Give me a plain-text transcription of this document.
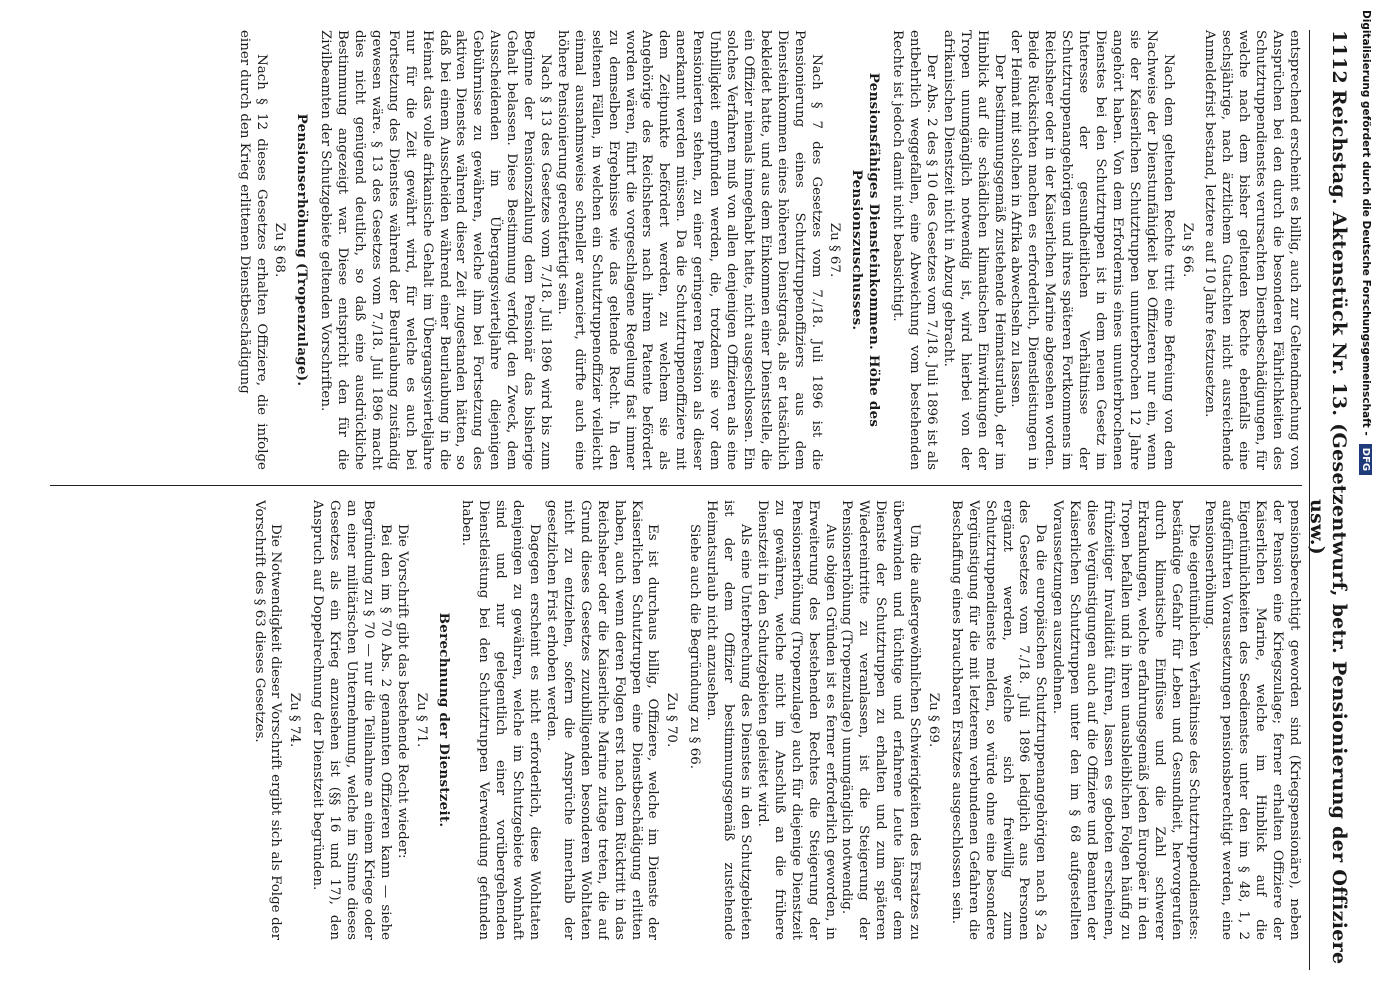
1112
Reichstag. Aktenstück Nr. 13. (Gesetzentwurf, betr. Pensionierung der Offiziere usw.)

entsprechend erscheint es billig, auch zur Geltendmachung von Ansprüchen bei den durch die besonderen Fährlichkeiten des Schutztruppendienstes verursachten Dienstbeschädigungen, für welche nach dem bisher geltenden Rechte ebenfalls eine sechsjährige, nach ärztlichem Gutachten nicht ausreichende Anmeldefrist bestand, letztere auf 10 Jahre festzusetzen.

Zu § 66.

Nach dem geltenden Rechte tritt eine Befreiung von dem Nachweise der Dienstunfähigkeit bei Offizieren nur ein, wenn sie der Kaiserlichen Schutztruppen ununterbrochen 12 Jahre angehört haben. Von dem Erfordernis eines ununterbrochenen Dienstes bei den Schutztruppen ist in dem neuen Gesetz im Interesse der gesundheitlichen Verhältnisse der Schutztruppenangehörigen und ihres späteren Fortkommens im Reichsheer oder in der Kaiserlichen Marine abgesehen worden. Beide Rücksichten machen es erforderlich, Dienstleistungen in der Heimat mit solchen in Afrika abwechseln zu lassen.

Der bestimmungsgemäß zustehende Heimatsurlaub, der im Hinblick auf die schädlichen klimatischen Einwirkungen der Tropen unumgänglich notwendig ist, wird hierbei von der afrikanischen Dienstzeit nicht in Abzug gebracht.

Der Abs. 2 des § 10 des Gesetzes vom 7./18. Juli 1896 ist als entbehrlich weggefallen, eine Abweichung vom bestehenden Rechte ist jedoch damit nicht beabsichtigt.

Pensionsfähiges Diensteinkommen. Höhe des Pensionszuschusses.

Zu § 67.

Nach § 7 des Gesetzes vom 7./18. Juli 1896 ist die Pensionierung eines Schutztruppenoffiziers aus dem Diensteinkommen eines höheren Dienstgrads, als er tatsächlich bekleidet hatte, und aus dem Einkommen einer Dienststelle, die ein Offizier niemals innegehabt hatte, nicht ausgeschlossen. Ein solches Verfahren muß von allen denjenigen Offizieren als eine Unbilligkeit empfunden werden, die, trotzdem sie vor dem Pensionierten stehen, zu einer geringeren Pension als dieser anerkannt werden müssen. Da die Schutztruppenoffiziere mit dem Zeitpunkte befördert werden, zu welchem sie als Angehörige des Reichsheers nach ihrem Patente befördert worden wären, führt die vorgeschlagene Regelung fast immer zu demselben Ergebnisse wie das geltende Recht. In den seltenen Fällen, in welchen ein Schutztruppenoffizier vielleicht einmal ausnahmsweise schneller avanciert, dürfte auch eine höhere Pensionierung gerechtfertigt sein.

Nach § 13 des Gesetzes vom 7./18. Juli 1896 wird bis zum Beginne der Pensionszahlung dem Pensionär das bisherige Gehalt belassen. Diese Bestimmung verfolgt den Zweck, dem Ausscheidenden im Übergangsvierteljahre diejenigen Gebührnisse zu gewähren, welche ihm bei Fortsetzung des aktiven Dienstes während dieser Zeit zugestanden hätten, so daß bei einem Ausscheiden während einer Beurlaubung in die Heimat das volle afrikanische Gehalt im Übergangsvierteljahre nur für die Zeit gewährt wird, für welche es auch bei Fortsetzung des Dienstes während der Beurlaubung zuständig gewesen wäre. § 13 des Gesetzes vom 7./18. Juli 1896 macht dies nicht genügend deutlich, so daß eine ausdrückliche Bestimmung angezeigt war. Diese entspricht den für die Zivilbeamten der Schutzgebiete geltenden Vorschriften.

Pensionserhöhung (Tropenzulage).

Zu § 68.

Nach § 12 dieses Gesetzes erhalten Offiziere, die infolge einer durch den Krieg erlittenen Dienstbeschädigung

pensionsberechtigt geworden sind (Kriegspensionäre), neben der Pension eine Kriegszulage; ferner erhalten Offiziere der Kaiserlichen Marine, welche im Hinblick auf die Eigentümlichkeiten des Seedienstes unter den im § 48, 1, 2 aufgeführten Voraussetzungen pensionsberechtigt werden, eine Pensionserhöhung.

Die eigentümlichen Verhältnisse des Schutztruppendienstes: beständige Gefahr für Leben und Gesundheit, hervorgerufen durch klimatische Einflüsse und die Zahl schwerer Erkrankungen, welche erfahrungsgemäß jeden Europäer in den Tropen befallen und in ihren unausbleiblichen Folgen häufig zu frühzeitiger Invalidität führen, lassen es geboten erscheinen, diese Vergünstigungen auch auf die Offiziere und Beamten der Kaiserlichen Schutztruppen unter den im § 68 aufgestellten Voraussetzungen auszudehnen.

Da die europäischen Schutztruppenangehörigen nach § 2a des Gesetzes vom 7./18. Juli 1896 lediglich aus Personen ergänzt werden, welche sich freiwillig zum Schutztruppendienste melden, so würde ohne eine besondere Vergünstigung für die mit letzterem verbundenen Gefahren die Beschaffung eines brauchbaren Ersatzes ausgeschlossen sein.

Zu § 69.

Um die außergewöhnlichen Schwierigkeiten des Ersatzes zu überwinden und tüchtige und erfahrene Leute länger dem Dienste der Schutztruppen zu erhalten und zum späteren Wiedereintritte zu veranlassen, ist die Steigerung der Pensionserhöhung (Tropenzulage) unumgänglich notwendig.

Aus obigen Gründen ist es ferner erforderlich geworden, in Erweiterung des bestehenden Rechtes die Steigerung der Pensionserhöhung (Tropenzulage) auch für diejenige Dienstzeit zu gewähren, welche nicht im Anschluß an die frühere Dienstzeit in den Schutzgebieten geleistet wird.

Als eine Unterbrechung des Dienstes in den Schutzgebieten ist der dem Offizier bestimmungsgemäß zustehende Heimatsurlaub nicht anzusehen.

Siehe auch die Begründung zu § 66.

Zu § 70.

Es ist durchaus billig, Offiziere, welche im Dienste der Kaiserlichen Schutztruppen eine Dienstbeschädigung erlitten haben, auch wenn deren Folgen erst nach dem Rücktritt in das Reichsheer oder die Kaiserliche Marine zutage treten, die auf Grund dieses Gesetzes zuzubilligenden besonderen Wohltaten nicht zu entziehen, sofern die Ansprüche innerhalb der gesetzlichen Frist erhoben werden.

Dagegen erscheint es nicht erforderlich, diese Wohltaten denjenigen zu gewähren, welche im Schutzgebiete wohnhaft sind und nur gelegentlich einer vorübergehenden Dienstleistung bei den Schutztruppen Verwendung gefunden haben.

Berechnung der Dienstzeit.

Zu § 71.

Die Vorschrift gibt das bestehende Recht wieder:

Bei den im § 70 Abs. 2 genannten Offizieren kann — siehe Begründung zu § 70 — nur die Teilnahme an einem Kriege oder an einer militärischen Unternehmung, welche im Sinne dieses Gesetzes als ein Krieg anzusehen ist (§§ 16 und 17), den Anspruch auf Doppelrechnung der Dienstzeit begründen.

Zu § 74.

Die Notwendigkeit dieser Vorschrift ergibt sich als Folge der Vorschrift des § 63 dieses Gesetzes.

Digitalisierung gefördert durch die Deutsche Forschungsgemeinschaft -
DFG
